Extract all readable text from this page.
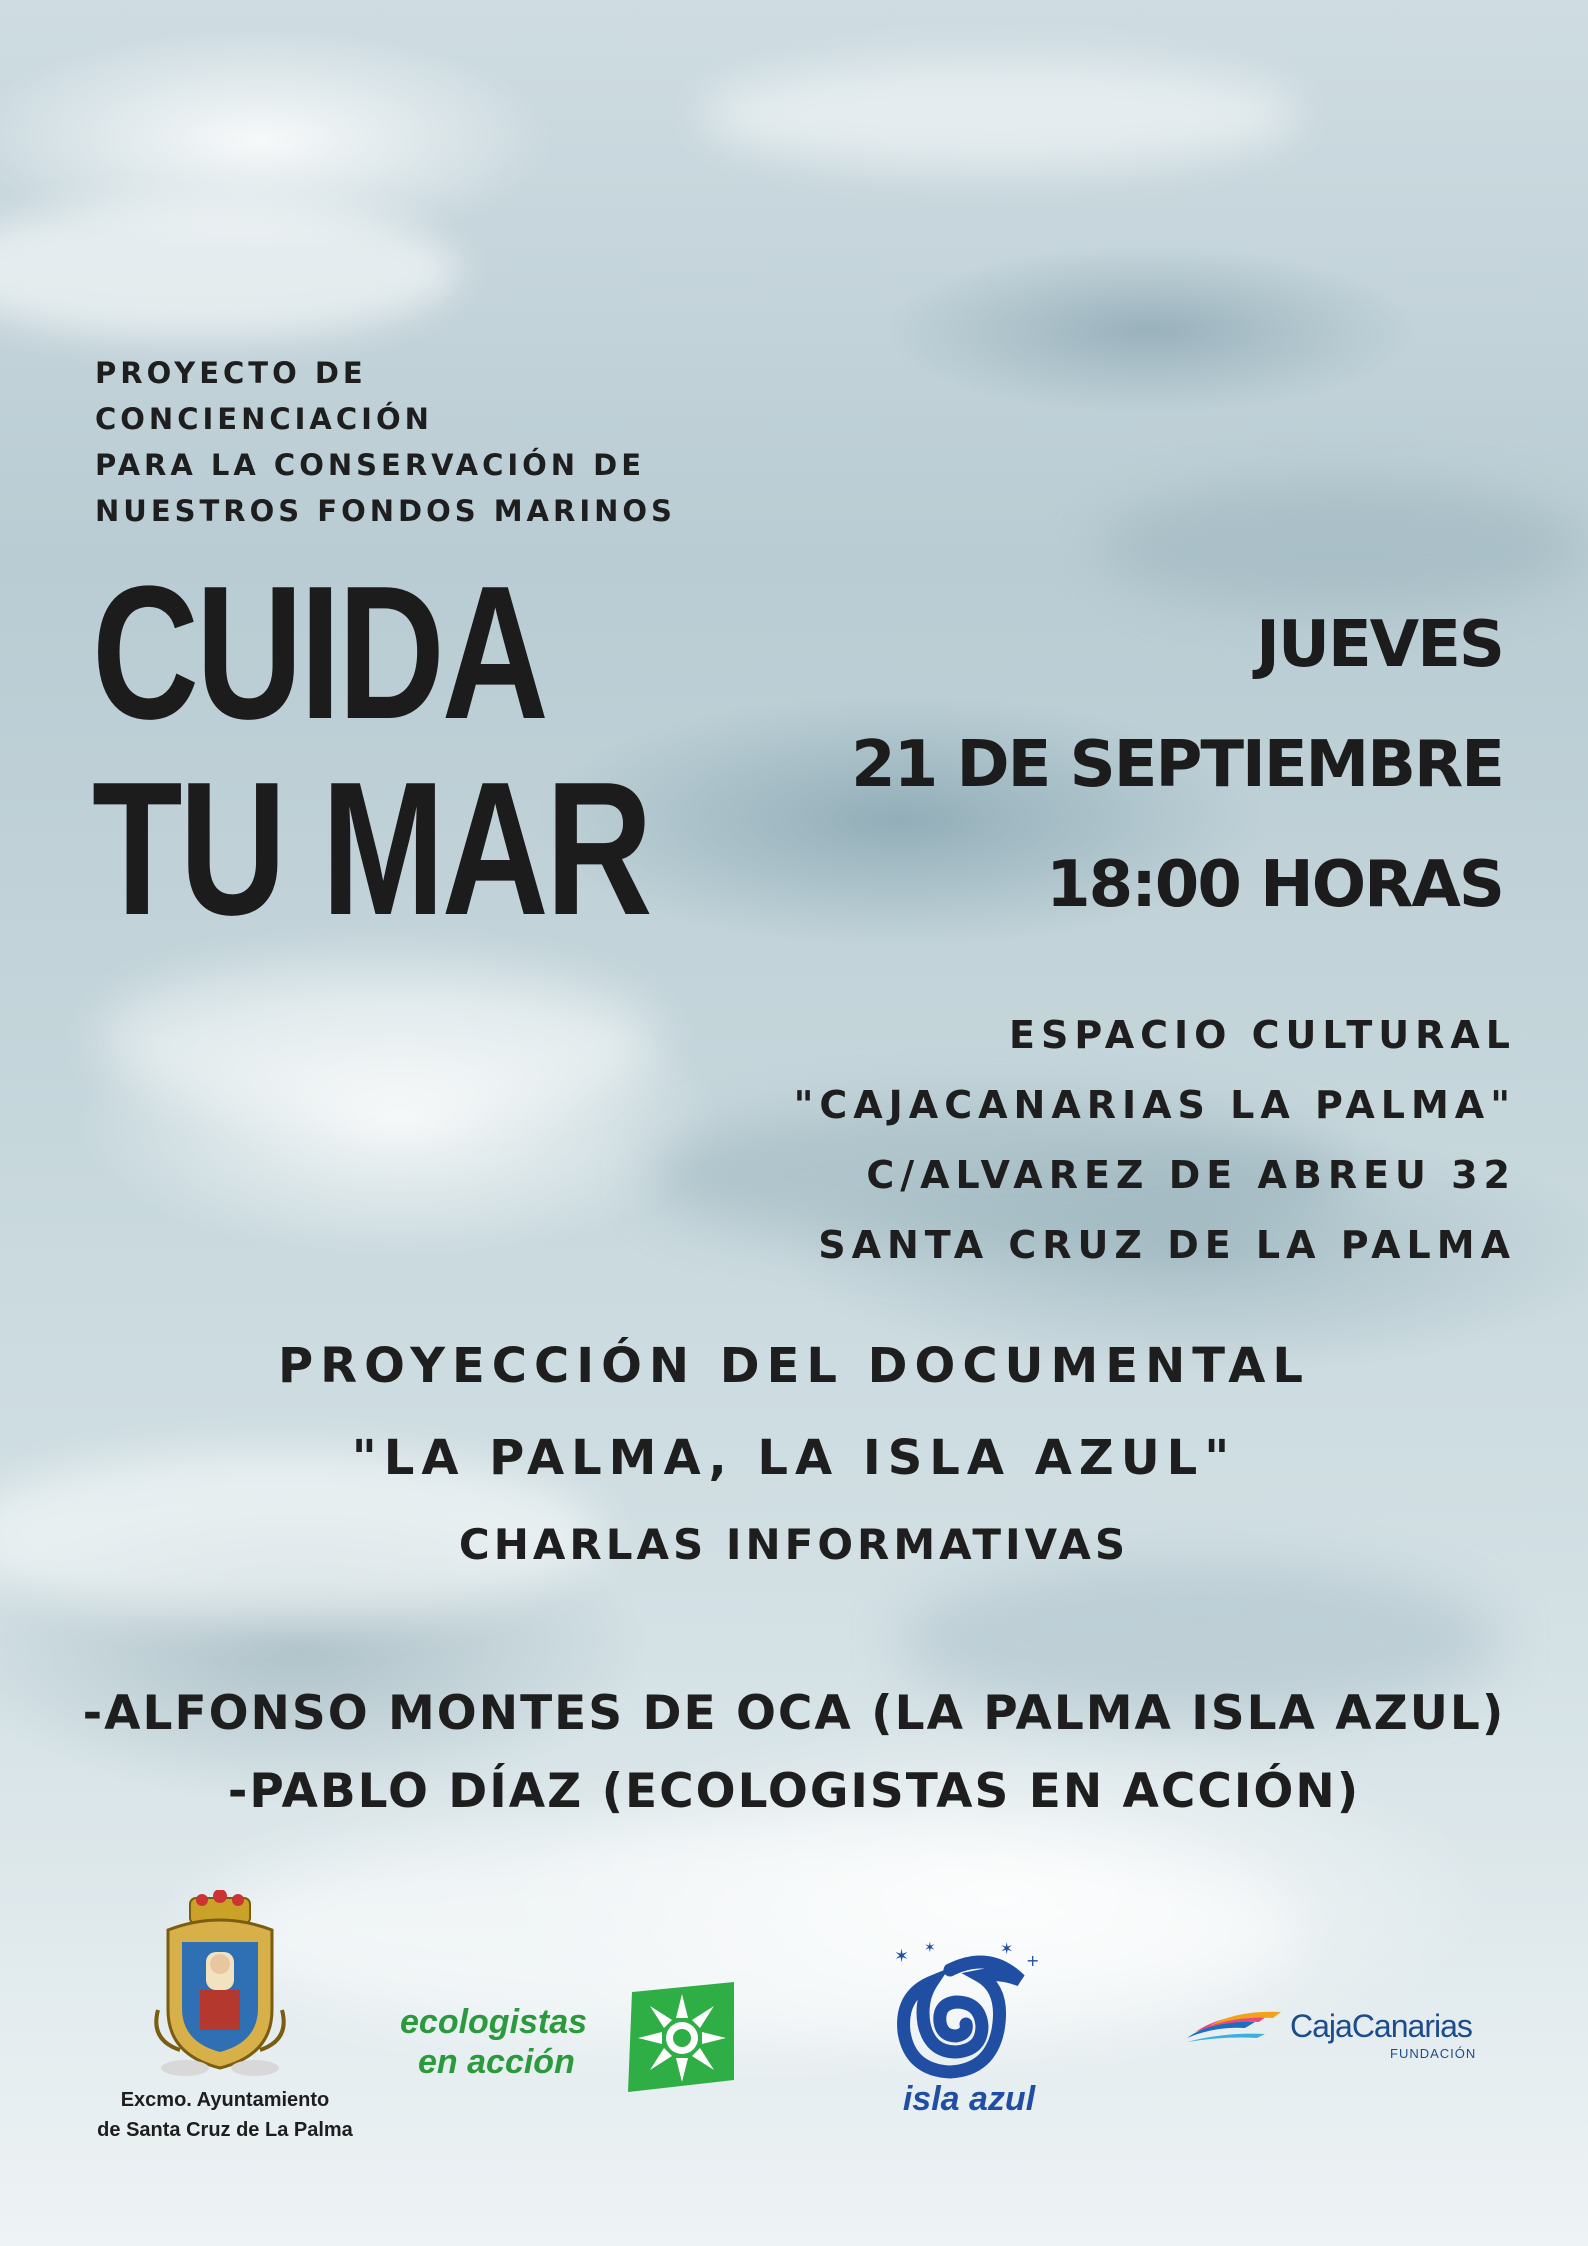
PROYECTO DE
CONCIENCIACIÓN
PARA LA CONSERVACIÓN DE
NUESTROS FONDOS MARINOS
CUIDA
TU MAR
JUEVES
21 DE SEPTIEMBRE
18:00 HORAS
ESPACIO CULTURAL
"CAJACANARIAS LA PALMA"
C/ALVAREZ DE ABREU 32
SANTA CRUZ DE LA PALMA
PROYECCIÓN DEL DOCUMENTAL
"LA PALMA, LA ISLA AZUL"
CHARLAS INFORMATIVAS
-ALFONSO MONTES DE OCA (LA PALMA ISLA AZUL)
-PABLO DÍAZ (ECOLOGISTAS EN ACCIÓN)
Excmo. Ayuntamiento
de Santa Cruz de La Palma
ecologistas
en acción
✶ ✶	✶
+
isla azul
CajaCanarias
FUNDACIÓN
